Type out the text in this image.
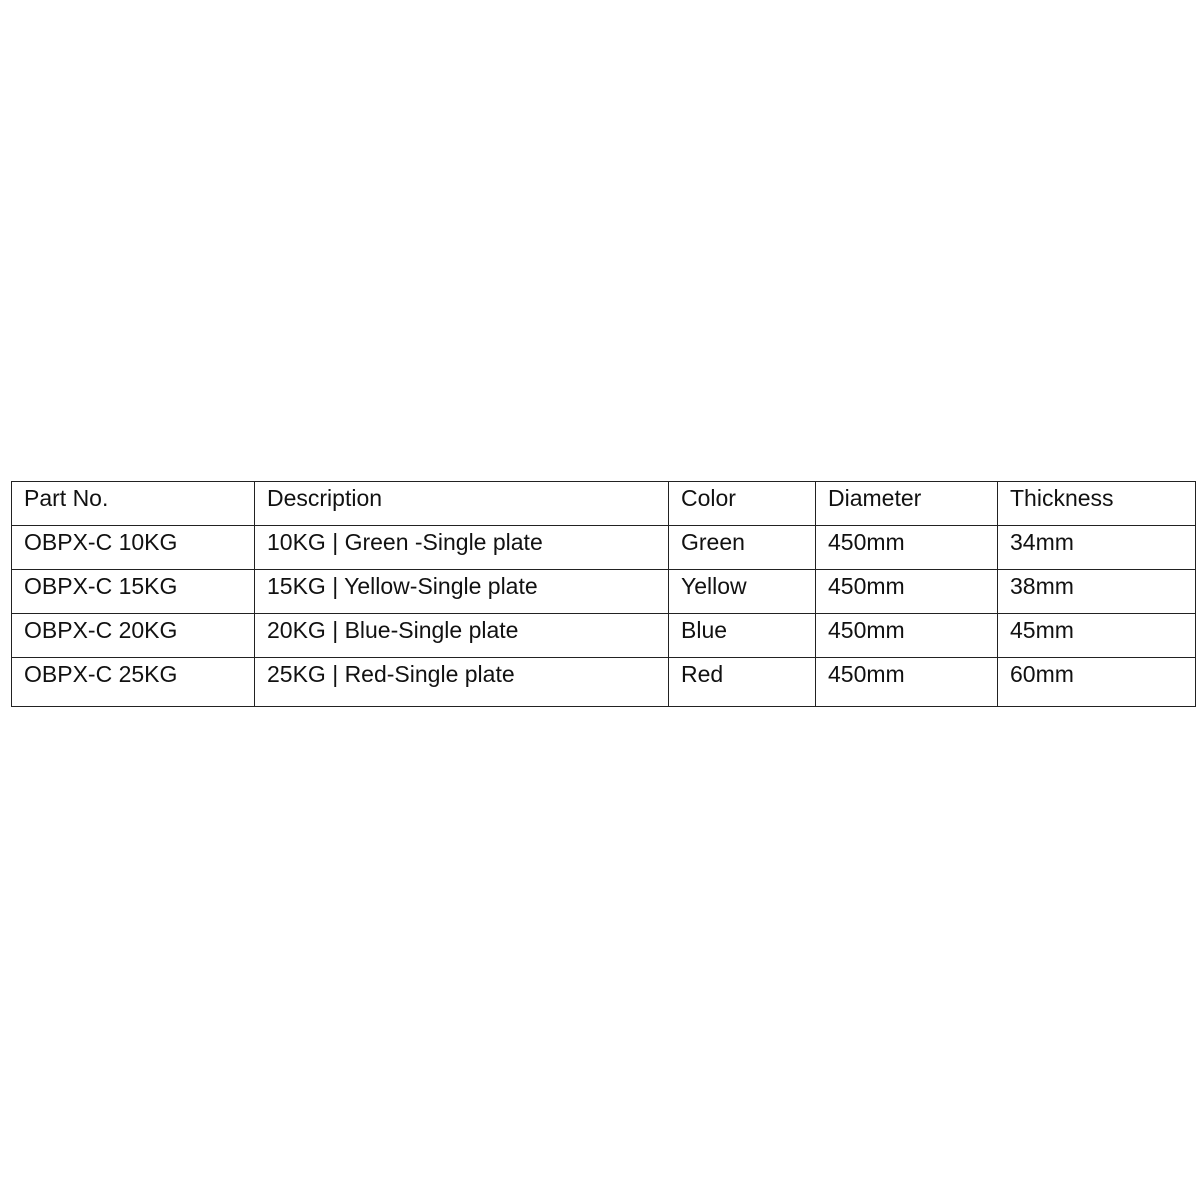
Part No.	Description	Color	Diameter	Thickness
OBPX-C 10KG	10KG | Green -Single plate	Green	450mm	34mm
OBPX-C 15KG	15KG | Yellow-Single plate	Yellow	450mm	38mm
OBPX-C 20KG	20KG | Blue-Single plate	Blue	450mm	45mm
OBPX-C 25KG	25KG | Red-Single plate	Red	450mm	60mm
